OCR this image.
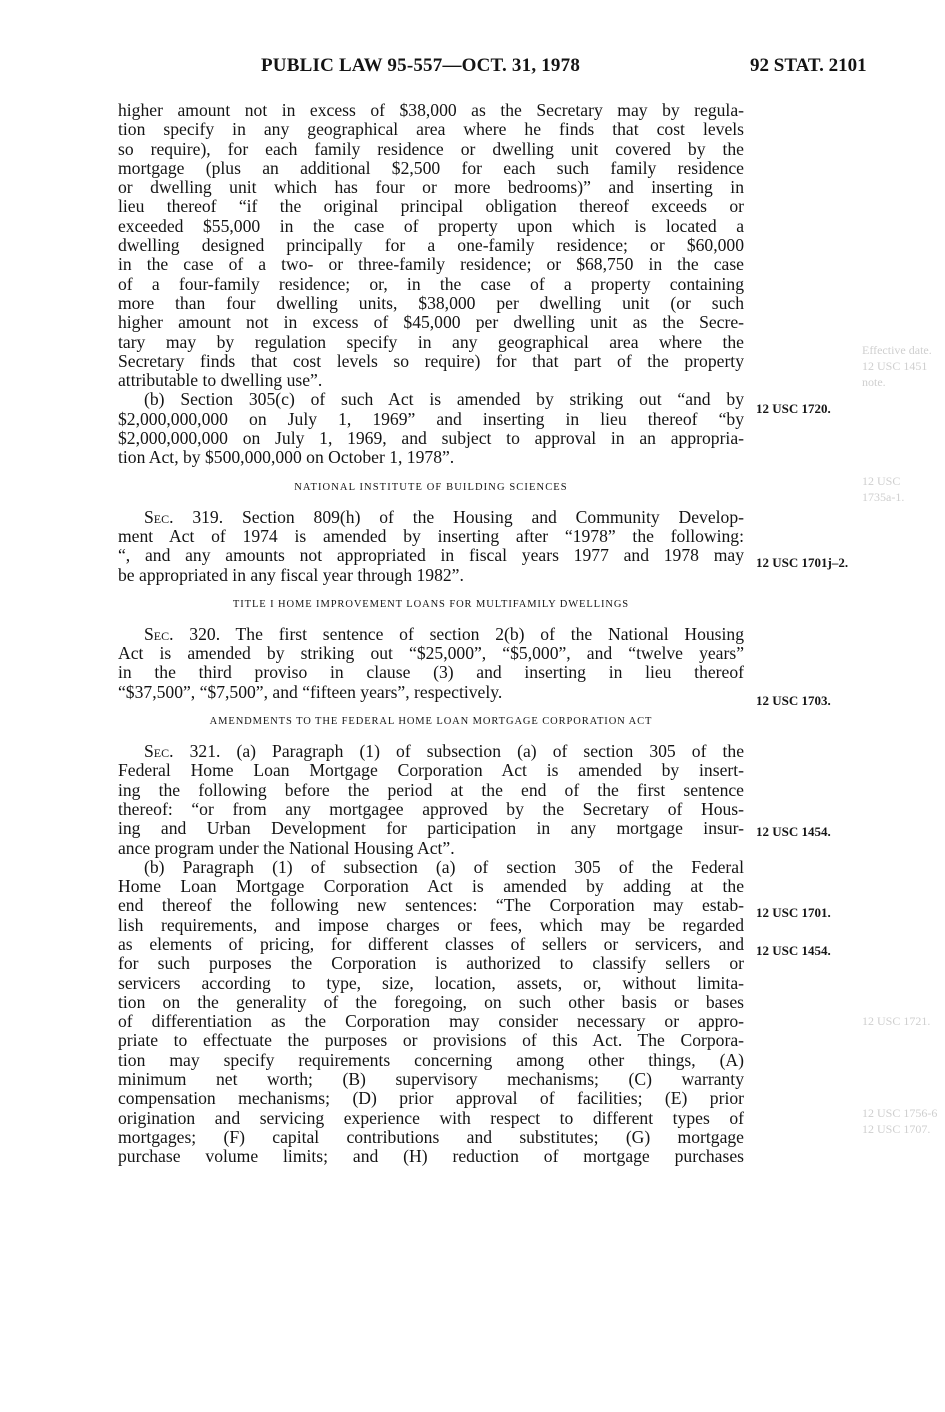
PUBLIC LAW 95-557—OCT. 31, 1978	92 STAT. 2101
Effective date.
12 USC 1451
note.
12 USC
1735a-1.
12 USC 1721.
12 USC 1756-6
12 USC 1707.
higher amount not in excess of $38,000 as the Secretary may by regula-
tion specify in any geographical area where he finds that cost levels
so require), for each family residence or dwelling unit covered by the
mortgage (plus an additional $2,500 for each such family residence
or dwelling unit which has four or more bedrooms)” and inserting in
lieu thereof “if the original principal obligation thereof exceeds or
exceeded $55,000 in the case of property upon which is located a
dwelling designed principally for a one-family residence; or $60,000
in the case of a two- or three-family residence; or $68,750 in the case
of a four-family residence; or, in the case of a property containing
more than four dwelling units, $38,000 per dwelling unit (or such
higher amount not in excess of $45,000 per dwelling unit as the Secre-
tary may by regulation specify in any geographical area where the
Secretary finds that cost levels so require) for that part of the property
attributable to dwelling use”.
(b) Section 305(c) of such Act is amended by striking out “and by
$2,000,000,000 on July 1, 1969” and inserting in lieu thereof “by
$2,000,000,000 on July 1, 1969, and subject to approval in an appropria-
tion Act, by $500,000,000 on October 1, 1978”.
NATIONAL INSTITUTE OF BUILDING SCIENCES
Sec. 319. Section 809(h) of the Housing and Community Develop-
ment Act of 1974 is amended by inserting after “1978” the following:
“, and any amounts not appropriated in fiscal years 1977 and 1978 may
be appropriated in any fiscal year through 1982”.
TITLE I HOME IMPROVEMENT LOANS FOR MULTIFAMILY DWELLINGS
Sec. 320. The first sentence of section 2(b) of the National Housing
Act is amended by striking out “$25,000”, “$5,000”, and “twelve years”
in the third proviso in clause (3) and inserting in lieu thereof
“$37,500”, “$7,500”, and “fifteen years”, respectively.
AMENDMENTS TO THE FEDERAL HOME LOAN MORTGAGE CORPORATION ACT
Sec. 321. (a) Paragraph (1) of subsection (a) of section 305 of the
Federal Home Loan Mortgage Corporation Act is amended by insert-
ing the following before the period at the end of the first sentence
thereof: “or from any mortgagee approved by the Secretary of Hous-
ing and Urban Development for participation in any mortgage insur-
ance program under the National Housing Act”.
(b) Paragraph (1) of subsection (a) of section 305 of the Federal
Home Loan Mortgage Corporation Act is amended by adding at the
end thereof the following new sentences: “The Corporation may estab-
lish requirements, and impose charges or fees, which may be regarded
as elements of pricing, for different classes of sellers or servicers, and
for such purposes the Corporation is authorized to classify sellers or
servicers according to type, size, location, assets, or, without limita-
tion on the generality of the foregoing, on such other basis or bases
of differentiation as the Corporation may consider necessary or appro-
priate to effectuate the purposes or provisions of this Act. The Corpora-
tion may specify requirements concerning among other things, (A)
minimum net worth; (B) supervisory mechanisms; (C) warranty
compensation mechanisms; (D) prior approval of facilities; (E) prior
origination and servicing experience with respect to different types of
mortgages; (F) capital contributions and substitutes; (G) mortgage
purchase volume limits; and (H) reduction of mortgage purchases
12 USC 1720.
12 USC 1701j–2.
12 USC 1703.
12 USC 1454.
12 USC 1701.
12 USC 1454.
